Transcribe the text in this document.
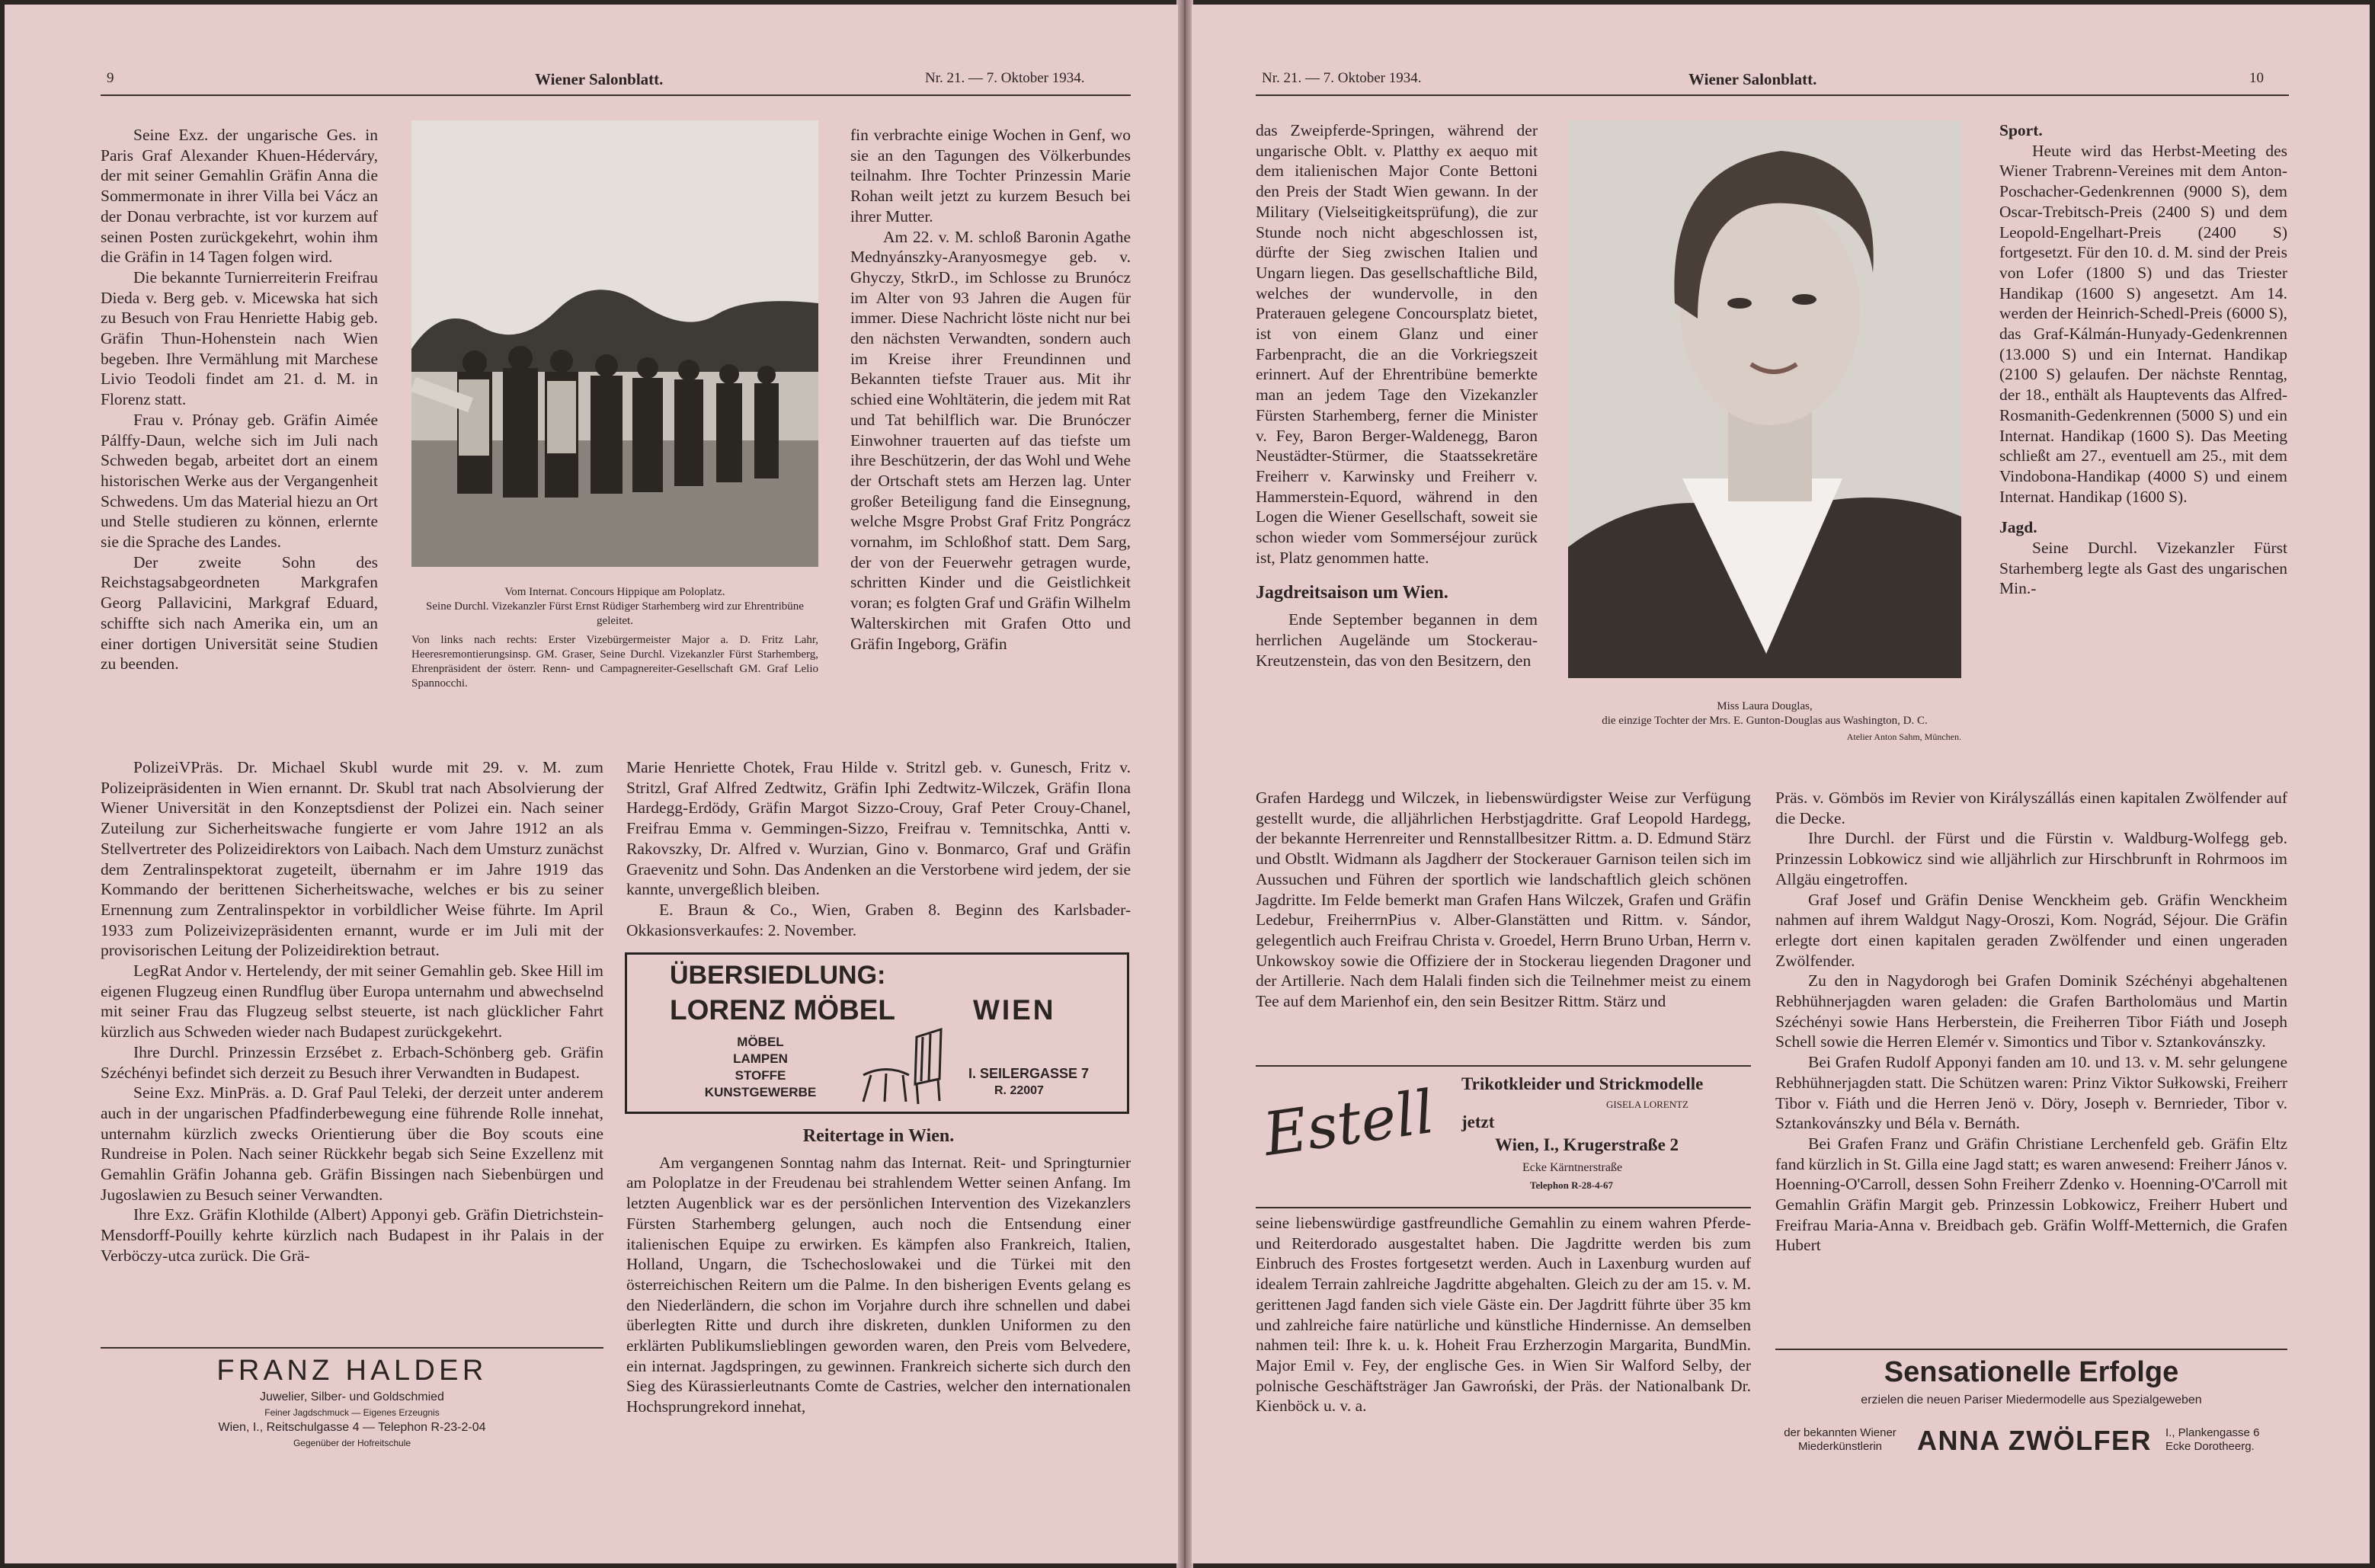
9	Wiener Salonblatt.	Nr. 21. — 7. Oktober 1934.

Seine Exz. der ungarische Ges. in Paris Graf Alexander Khuen-Héderváry, der mit seiner Gemahlin Gräfin Anna die Sommermonate in ihrer Villa bei Vácz an der Donau verbrachte, ist vor kurzem auf seinen Posten zurückgekehrt, wohin ihm die Gräfin in 14 Tagen folgen wird.

Die bekannte Turnierreiterin Freifrau Dieda v. Berg geb. v. Micewska hat sich zu Besuch von Frau Henriette Habig geb. Gräfin Thun-Hohenstein nach Wien begeben. Ihre Vermählung mit Marchese Livio Teodoli findet am 21. d. M. in Florenz statt.

Frau v. Prónay geb. Gräfin Aimée Pálffy-Daun, welche sich im Juli nach Schweden begab, arbeitet dort an einem historischen Werke aus der Vergangenheit Schwedens. Um das Material hiezu an Ort und Stelle studieren zu können, erlernte sie die Sprache des Landes.

Der zweite Sohn des Reichstagsabgeordneten Markgrafen Georg Pallavicini, Markgraf Eduard, schiffte sich nach Amerika ein, um an einer dortigen Universität seine Studien zu beenden.

Vom Internat. Concours Hippique am Poloplatz.
Seine Durchl. Vizekanzler Fürst Ernst Rüdiger Starhemberg wird zur Ehrentribüne geleitet.
Von links nach rechts: Erster Vizebürgermeister Major a. D. Fritz Lahr, Heeresremontierungsinsp. GM. Graser, Seine Durchl. Vizekanzler Fürst Starhemberg, Ehrenpräsident der österr. Renn- und Campagnereiter-Gesellschaft GM. Graf Lelio Spannocchi.

fin verbrachte einige Wochen in Genf, wo sie an den Tagungen des Völkerbundes teilnahm. Ihre Tochter Prinzessin Marie Rohan weilt jetzt zu kurzem Besuch bei ihrer Mutter.

Am 22. v. M. schloß Baronin Agathe Mednyánszky-Aranyosmegye geb. v. Ghyczy, StkrD., im Schlosse zu Brunócz im Alter von 93 Jahren die Augen für immer. Diese Nachricht löste nicht nur bei den nächsten Verwandten, sondern auch im Kreise ihrer Freundinnen und Bekannten tiefste Trauer aus. Mit ihr schied eine Wohltäterin, die jedem mit Rat und Tat behilflich war. Die Brunóczer Einwohner trauerten auf das tiefste um ihre Beschützerin, der das Wohl und Wehe der Ortschaft stets am Herzen lag. Unter großer Beteiligung fand die Einsegnung, welche Msgre Probst Graf Fritz Pongrácz vornahm, im Schloßhof statt. Dem Sarg, der von der Feuerwehr getragen wurde, schritten Kinder und die Geistlichkeit voran; es folgten Graf und Gräfin Wilhelm Walterskirchen mit Grafen Otto und Gräfin Ingeborg, Gräfin

PolizeiVPräs. Dr. Michael Skubl wurde mit 29. v. M. zum Polizeipräsidenten in Wien ernannt. Dr. Skubl trat nach Absolvierung der Wiener Universität in den Konzeptsdienst der Polizei ein. Nach seiner Zuteilung zur Sicherheitswache fungierte er vom Jahre 1912 an als Stellvertreter des Polizeidirektors von Laibach. Nach dem Umsturz zunächst dem Zentralinspektorat zugeteilt, übernahm er im Jahre 1919 das Kommando der berittenen Sicherheitswache, welches er bis zu seiner Ernennung zum Zentralinspektor in vorbildlicher Weise führte. Im April 1933 zum Polizeivizepräsidenten ernannt, wurde er im Juli mit der provisorischen Leitung der Polizeidirektion betraut.

LegRat Andor v. Hertelendy, der mit seiner Gemahlin geb. Skee Hill im eigenen Flugzeug einen Rundflug über Europa unternahm und abwechselnd mit seiner Frau das Flugzeug selbst steuerte, ist nach glücklicher Fahrt kürzlich aus Schweden wieder nach Budapest zurückgekehrt.

Ihre Durchl. Prinzessin Erzsébet z. Erbach-Schönberg geb. Gräfin Széchényi befindet sich derzeit zu Besuch ihrer Verwandten in Budapest.

Seine Exz. MinPräs. a. D. Graf Paul Teleki, der derzeit unter anderem auch in der ungarischen Pfadfinderbewegung eine führende Rolle innehat, unternahm kürzlich zwecks Orientierung über die Boy scouts eine Rundreise in Polen. Nach seiner Rückkehr begab sich Seine Exzellenz mit Gemahlin Gräfin Johanna geb. Gräfin Bissingen nach Siebenbürgen und Jugoslawien zu Besuch seiner Verwandten.

Ihre Exz. Gräfin Klothilde (Albert) Apponyi geb. Gräfin Dietrichstein-Mensdorff-Pouilly kehrte kürzlich nach Budapest in ihr Palais in der Verböczy-utca zurück. Die Grä-

Marie Henriette Chotek, Frau Hilde v. Stritzl geb. v. Gunesch, Fritz v. Stritzl, Graf Alfred Zedtwitz, Gräfin Iphi Zedtwitz-Wilczek, Gräfin Ilona Hardegg-Erdödy, Gräfin Margot Sizzo-Crouy, Graf Peter Crouy-Chanel, Freifrau Emma v. Gemmingen-Sizzo, Freifrau v. Temnitschka, Antti v. Rakovszky, Dr. Alfred v. Wurzian, Gino v. Bonmarco, Graf und Gräfin Graevenitz und Sohn. Das Andenken an die Verstorbene wird jedem, der sie kannte, unvergeßlich bleiben.

E. Braun & Co., Wien, Graben 8. Beginn des Karlsbader-Okkasionsverkaufes: 2. November.

ÜBERSIEDLUNG:
LORENZ MÖBEL	WIEN
MÖBEL
LAMPEN
STOFFE
KUNSTGEWERBE
I. SEILERGASSE 7
R. 22007
Reitertage in Wien.

Am vergangenen Sonntag nahm das Internat. Reit- und Springturnier am Poloplatze in der Freudenau bei strahlendem Wetter seinen Anfang. Im letzten Augenblick war es der persönlichen Intervention des Vizekanzlers Fürsten Starhemberg gelungen, auch noch die Entsendung einer italienischen Equipe zu erwirken. Es kämpfen also Frankreich, Italien, Holland, Ungarn, die Tschechoslowakei und die Türkei mit den österreichischen Reitern um die Palme. In den bisherigen Events gelang es den Niederländern, die schon im Vorjahre durch ihre schnellen und dabei überlegten Ritte und durch ihre diskreten, dunklen Uniformen zu den erklärten Publikumslieblingen geworden waren, den Preis vom Belvedere, ein internat. Jagdspringen, zu gewinnen. Frankreich sicherte sich durch den Sieg des Kürassierleutnants Comte de Castries, welcher den internationalen Hochsprungrekord innehat,

FRANZ HALDER
Juwelier, Silber- und Goldschmied
Feiner Jagdschmuck — Eigenes Erzeugnis
Wien, I., Reitschulgasse 4 — Telephon R-23-2-04
Gegenüber der Hofreitschule
Nr. 21. — 7. Oktober 1934.	Wiener Salonblatt.	10

das Zweipferde-Springen, während der ungarische Oblt. v. Platthy ex aequo mit dem italienischen Major Conte Bettoni den Preis der Stadt Wien gewann. In der Military (Vielseitigkeitsprüfung), die zur Stunde noch nicht abgeschlossen ist, dürfte der Sieg zwischen Italien und Ungarn liegen. Das gesellschaftliche Bild, welches der wundervolle, in den Praterauen gelegene Concoursplatz bietet, ist von einem Glanz und einer Farbenpracht, die an die Vorkriegszeit erinnert. Auf der Ehrentribüne bemerkte man an jedem Tage den Vizekanzler Fürsten Starhemberg, ferner die Minister v. Fey, Baron Berger-Waldenegg, Baron Neustädter-Stürmer, die Staatssekretäre Freiherr v. Karwinsky und Freiherr v. Hammerstein-Equord, während in den Logen die Wiener Gesellschaft, soweit sie schon wieder vom Sommerséjour zurück ist, Platz genommen hatte.

Jagdreitsaison um Wien.

Ende September begannen in dem herrlichen Augelände um Stockerau-Kreutzenstein, das von den Besitzern, den

Miss Laura Douglas,
die einzige Tochter der Mrs. E. Gunton-Douglas aus Washington, D. C.
Atelier Anton Sahm, München.
Sport.

Heute wird das Herbst-Meeting des Wiener Trabrenn-Vereines mit dem Anton-Poschacher-Gedenkrennen (9000 S), dem Oscar-Trebitsch-Preis (2400 S) und dem Leopold-Engelhart-Preis (2400 S) fortgesetzt. Für den 10. d. M. sind der Preis von Lofer (1800 S) und das Triester Handikap (1600 S) angesetzt. Am 14. werden der Heinrich-Schedl-Preis (6000 S), das Graf-Kálmán-Hunyady-Gedenkrennen (13.000 S) und ein Internat. Handikap (2100 S) gelaufen. Der nächste Renntag, der 18., enthält als Hauptevents das Alfred-Rosmanith-Gedenkrennen (5000 S) und ein Internat. Handikap (1600 S). Das Meeting schließt am 27., eventuell am 25., mit dem Vindobona-Handikap (4000 S) und einem Internat. Handikap (1600 S).

Jagd.

Seine Durchl. Vizekanzler Fürst Starhemberg legte als Gast des ungarischen Min.-

Grafen Hardegg und Wilczek, in liebenswürdigster Weise zur Verfügung gestellt wurde, die alljährlichen Herbstjagdritte. Graf Leopold Hardegg, der bekannte Herrenreiter und Rennstallbesitzer Rittm. a. D. Edmund Stärz und Obstlt. Widmann als Jagdherr der Stockerauer Garnison teilen sich im Aussuchen und Führen der sportlich wie landschaftlich gleich schönen Jagdritte. Im Felde bemerkt man Grafen Hans Wilczek, Grafen und Gräfin Ledebur, FreiherrnPius v. Alber-Glanstätten und Rittm. v. Sándor, gelegentlich auch Freifrau Christa v. Groedel, Herrn Bruno Urban, Herrn v. Unkowskoy sowie die Offiziere der in Stockerau liegenden Dragoner und der Artillerie. Nach dem Halali finden sich die Teilnehmer meist zu einem Tee auf dem Marienhof ein, den sein Besitzer Rittm. Stärz und

Estell Trikotkleider und Strickmodelle
GISELA LORENTZ
jetzt
Wien, I., Krugerstraße 2
Ecke Kärntnerstraße
Telephon R-28-4-67

seine liebenswürdige gastfreundliche Gemahlin zu einem wahren Pferde- und Reiterdorado ausgestaltet haben. Die Jagdritte werden bis zum Einbruch des Frostes fortgesetzt werden. Auch in Laxenburg wurden auf idealem Terrain zahlreiche Jagdritte abgehalten. Gleich zu der am 15. v. M. gerittenen Jagd fanden sich viele Gäste ein. Der Jagdritt führte über 35 km und zahlreiche faire natürliche und künstliche Hindernisse. An demselben nahmen teil: Ihre k. u. k. Hoheit Frau Erzherzogin Margarita, BundMin. Major Emil v. Fey, der englische Ges. in Wien Sir Walford Selby, der polnische Geschäftsträger Jan Gawroński, der Präs. der Nationalbank Dr. Kienböck u. v. a.

Präs. v. Gömbös im Revier von Királyszállás einen kapitalen Zwölfender auf die Decke.

Ihre Durchl. der Fürst und die Fürstin v. Waldburg-Wolfegg geb. Prinzessin Lobkowicz sind wie alljährlich zur Hirschbrunft in Rohrmoos im Allgäu eingetroffen.

Graf Josef und Gräfin Denise Wenckheim geb. Gräfin Wenckheim nahmen auf ihrem Waldgut Nagy-Oroszi, Kom. Nográd, Séjour. Die Gräfin erlegte dort einen kapitalen geraden Zwölfender und einen ungeraden Zwölfender.

Zu den in Nagydorogh bei Grafen Dominik Széchényi abgehaltenen Rebhühnerjagden waren geladen: die Grafen Bartholomäus und Martin Széchényi sowie Hans Herberstein, die Freiherren Tibor Fiáth und Joseph Schell sowie die Herren Elemér v. Simontics und Tibor v. Sztankovánszky.

Bei Grafen Rudolf Apponyi fanden am 10. und 13. v. M. sehr gelungene Rebhühnerjagden statt. Die Schützen waren: Prinz Viktor Sułkowski, Freiherr Tibor v. Fiáth und die Herren Jenö v. Döry, Joseph v. Bernrieder, Tibor v. Sztankovánszky und Béla v. Bernáth.

Bei Grafen Franz und Gräfin Christiane Lerchenfeld geb. Gräfin Eltz fand kürzlich in St. Gilla eine Jagd statt; es waren anwesend: Freiherr János v. Hoenning-O'Carroll, dessen Sohn Freiherr Zdenko v. Hoenning-O'Carroll mit Gemahlin Gräfin Margit geb. Prinzessin Lobkowicz, Freiherr Hubert und Freifrau Maria-Anna v. Breidbach geb. Gräfin Wolff-Metternich, die Grafen Hubert

Sensationelle Erfolge
erzielen die neuen Pariser Miedermodelle aus Spezialgeweben
der bekannten Wiener
Miederkünstlerin	ANNA ZWÖLFER I., Plankengasse 6
Ecke Dorotheerg.
